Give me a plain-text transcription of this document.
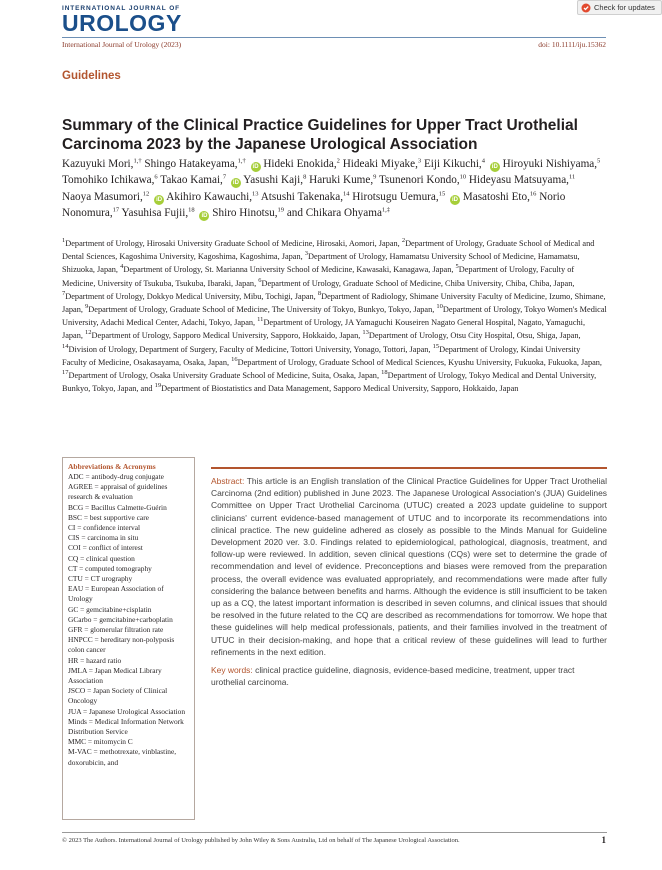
INTERNATIONAL JOURNAL OF
UROLOGY
Check for updates
International Journal of Urology (2023)	doi: 10.1111/iju.15362
Guidelines
Summary of the Clinical Practice Guidelines for Upper Tract Urothelial Carcinoma 2023 by the Japanese Urological Association
Kazuyuki Mori,$^{1,\dagger}$ Shingo Hatakeyama,$^{1,\dagger}$ iD Hideki Enokida,$^2$ Hideaki Miyake,$^3$ Eiji Kikuchi,$^4$ iD Hiroyuki Nishiyama,$^5$ Tomohiko Ichikawa,$^6$ Takao Kamai,$^7$ iD Yasushi Kaji,$^8$ Haruki Kume,$^9$ Tsunenori Kondo,$^{10}$ Hideyasu Matsuyama,$^{11}$ Naoya Masumori,$^{12}$ iD Akihiro Kawauchi,$^{13}$ Atsushi Takenaka,$^{14}$ Hirotsugu Uemura,$^{15}$ iD Masatoshi Eto,$^{16}$ Norio Nonomura,$^{17}$ Yasuhisa Fujii,$^{18}$ iD Shiro Hinotsu,$^{19}$ and Chikara Ohyama$^{1,\ddagger}$
$^1$Department of Urology, Hirosaki University Graduate School of Medicine, Hirosaki, Aomori, Japan, $^2$Department of Urology, Graduate School of Medical and Dental Sciences, Kagoshima University, Kagoshima, Kagoshima, Japan, $^3$Department of Urology, Hamamatsu University School of Medicine, Hamamatsu, Shizuoka, Japan, $^4$Department of Urology, St. Marianna University School of Medicine, Kawasaki, Kanagawa, Japan, $^5$Department of Urology, Faculty of Medicine, University of Tsukuba, Tsukuba, Ibaraki, Japan, $^6$Department of Urology, Graduate School of Medicine, Chiba University, Chiba, Chiba, Japan, $^7$Department of Urology, Dokkyo Medical University, Mibu, Tochigi, Japan, $^8$Department of Radiology, Shimane University Faculty of Medicine, Izumo, Shimane, Japan, $^9$Department of Urology, Graduate School of Medicine, The University of Tokyo, Bunkyo, Tokyo, Japan, $^{10}$Department of Urology, Tokyo Women's Medical University, Adachi Medical Center, Adachi, Tokyo, Japan, $^{11}$Department of Urology, JA Yamaguchi Kouseiren Nagato General Hospital, Nagato, Yamaguchi, Japan, $^{12}$Department of Urology, Sapporo Medical University, Sapporo, Hokkaido, Japan, $^{13}$Department of Urology, Otsu City Hospital, Otsu, Shiga, Japan, $^{14}$Division of Urology, Department of Surgery, Faculty of Medicine, Tottori University, Yonago, Tottori, Japan, $^{15}$Department of Urology, Kindai University Faculty of Medicine, Osakasayama, Osaka, Japan, $^{16}$Department of Urology, Graduate School of Medical Sciences, Kyushu University, Fukuoka, Fukuoka, Japan, $^{17}$Department of Urology, Osaka University Graduate School of Medicine, Suita, Osaka, Japan, $^{18}$Department of Urology, Tokyo Medical and Dental University, Bunkyo, Tokyo, Japan, and $^{19}$Department of Biostatistics and Data Management, Sapporo Medical University, Sapporo, Hokkaido, Japan
Abbreviations & Acronyms
ADC = antibody-drug conjugate
AGREE = appraisal of guidelines research & evaluation
BCG = Bacillus Calmette-Guérin
BSC = best supportive care
CI = confidence interval
CIS = carcinoma in situ
COI = conflict of interest
CQ = clinical question
CT = computed tomography
CTU = CT urography
EAU = European Association of Urology
GC = gemcitabine+cisplatin
GCarbo = gemcitabine+carboplatin
GFR = glomerular filtration rate
HNPCC = hereditary non-polyposis colon cancer
HR = hazard ratio
JMLA = Japan Medical Library Association
JSCO = Japan Society of Clinical Oncology
JUA = Japanese Urological Association
Minds = Medical Information Network Distribution Service
MMC = mitomycin C
M-VAC = methotrexate, vinblastine, doxorubicin, and

Abstract: This article is an English translation of the Clinical Practice Guidelines for Upper Tract Urothelial Carcinoma (2nd edition) published in June 2023. The Japanese Urological Association's (JUA) Guidelines Committee on Upper Tract Urothelial Carcinoma (UTUC) created a 2023 update guideline to support clinicians' current evidence-based management of UTUC and to incorporate its recommendations into clinical practice. The new guideline adhered as closely as possible to the Minds Manual for Guideline Development 2020 ver. 3.0. Findings related to epidemiological, pathological, diagnosis, treatment, and follow-up were reviewed. In addition, seven clinical questions (CQs) were set to determine the grade of recommendation and level of evidence. Preconceptions and biases were removed from the preparation process, the overall evidence was evaluated appropriately, and recommendations were made after fully considering the balance between benefits and harms. Although the evidence is still insufficient to be taken up as a CQ, the latest important information is described in seven columns, and clinical issues that should be resolved in the future related to the CQ are described as recommendations for tomorrow. We hope that these guidelines will help medical professionals, patients, and their families involved in the treatment of UTUC in their decision-making, and hope that a critical review of these guidelines will lead to further refinements in the next edition.

Key words: clinical practice guideline, diagnosis, evidence-based medicine, treatment, upper tract urothelial carcinoma.

© 2023 The Authors. International Journal of Urology published by John Wiley & Sons Australia, Ltd on behalf of The Japanese Urological Association.	1
